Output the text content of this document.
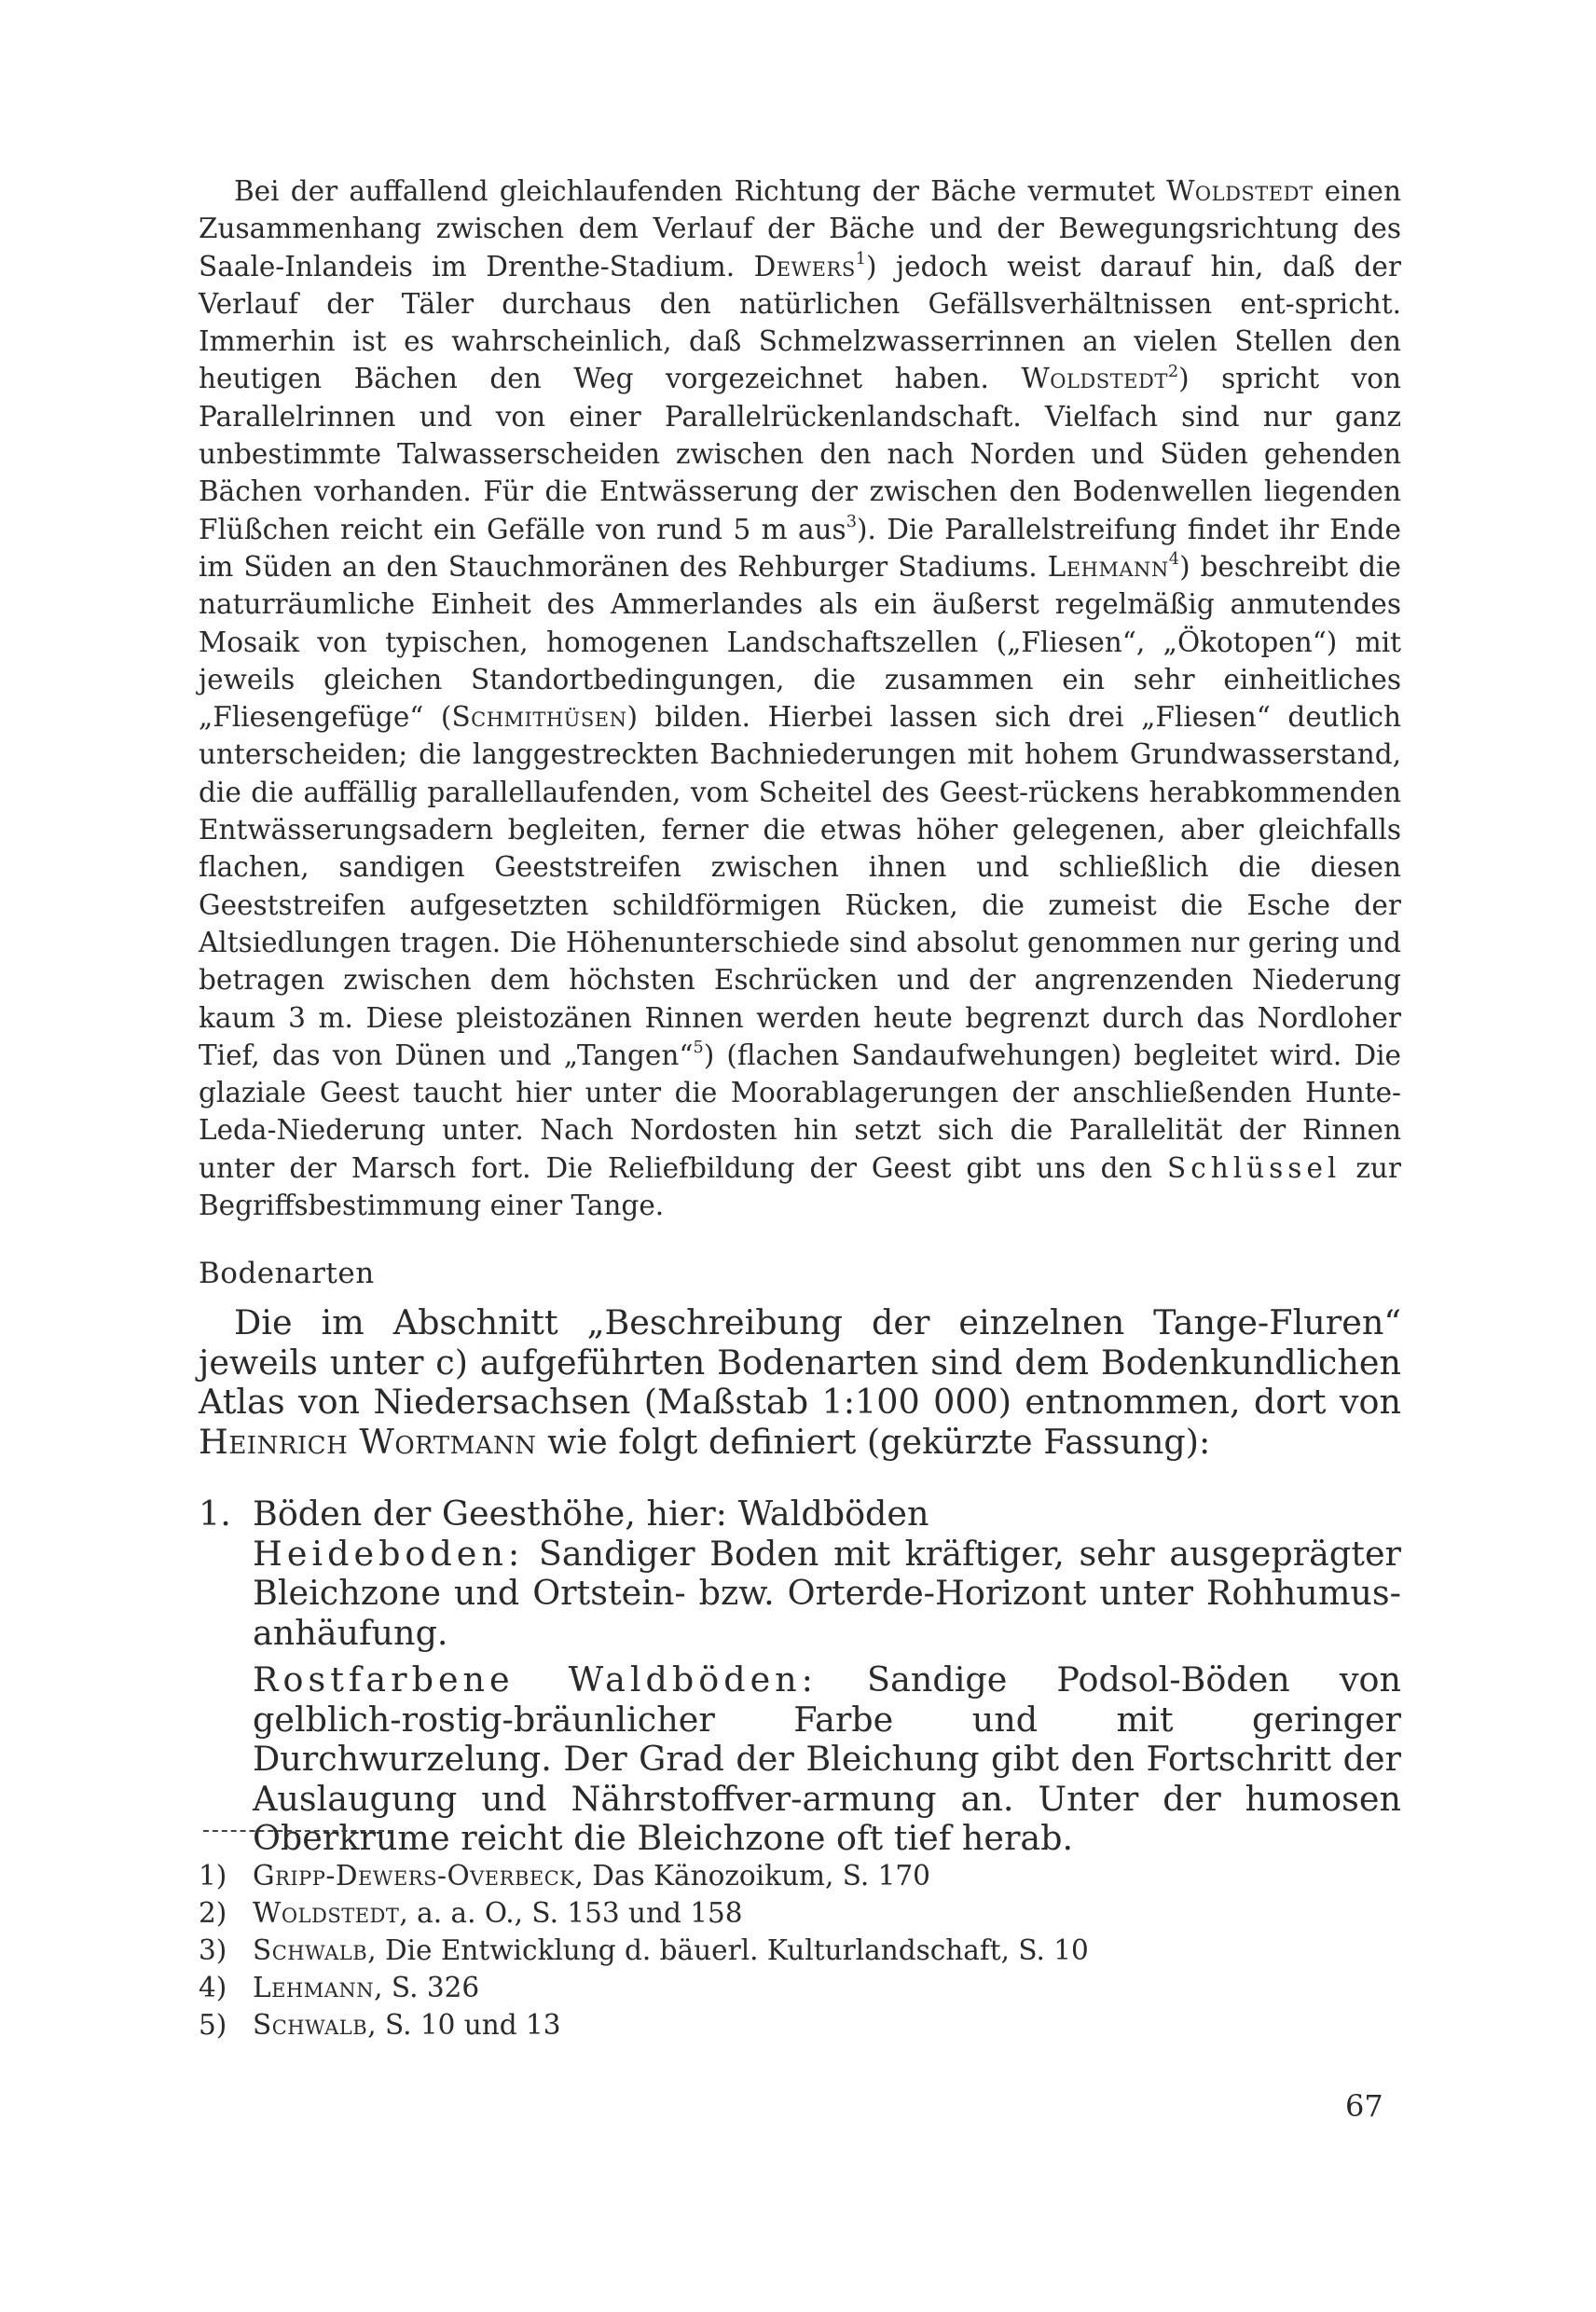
Bei der auffallend gleichlaufenden Richtung der Bäche vermutet Woldstedt einen Zusammenhang zwischen dem Verlauf der Bäche und der Bewegungsrichtung des Saale-Inlandeis im Drenthe-Stadium. Dewers$^1$) jedoch weist darauf hin, daß der Verlauf der Täler durchaus den natürlichen Gefällsverhältnissen ent-spricht. Immerhin ist es wahrscheinlich, daß Schmelzwasserrinnen an vielen Stellen den heutigen Bächen den Weg vorgezeichnet haben. Woldstedt$^2$) spricht von Parallelrinnen und von einer Parallelrückenlandschaft. Vielfach sind nur ganz unbestimmte Talwasserscheiden zwischen den nach Norden und Süden gehenden Bächen vorhanden. Für die Entwässerung der zwischen den Bodenwellen liegenden Flüßchen reicht ein Gefälle von rund 5 m aus$^3$). Die Parallelstreifung findet ihr Ende im Süden an den Stauchmoränen des Rehburger Stadiums. Lehmann$^4$) beschreibt die naturräumliche Einheit des Ammerlandes als ein äußerst regelmäßig anmutendes Mosaik von typischen, homogenen Landschaftszellen („Fliesen“, „Ökotopen“) mit jeweils gleichen Standortbedingungen, die zusammen ein sehr einheitliches „Fliesengefüge“ (Schmithüsen) bilden. Hierbei lassen sich drei „Fliesen“ deutlich unterscheiden; die langgestreckten Bachniederungen mit hohem Grundwasserstand, die die auffällig parallellaufenden, vom Scheitel des Geest-rückens herabkommenden Entwässerungsadern begleiten, ferner die etwas höher gelegenen, aber gleichfalls flachen, sandigen Geeststreifen zwischen ihnen und schließlich die diesen Geeststreifen aufgesetzten schildförmigen Rücken, die zumeist die Esche der Altsiedlungen tragen. Die Höhenunterschiede sind absolut genommen nur gering und betragen zwischen dem höchsten Eschrücken und der angrenzenden Niederung kaum 3 m. Diese pleistozänen Rinnen werden heute begrenzt durch das Nordloher Tief, das von Dünen und „Tangen“$^5$) (flachen Sandaufwehungen) begleitet wird. Die glaziale Geest taucht hier unter die Moorablagerungen der anschließenden Hunte-Leda-Niederung unter. Nach Nordosten hin setzt sich die Parallelität der Rinnen unter der Marsch fort. Die Reliefbildung der Geest gibt uns den Schlüssel zur Begriffsbestimmung einer Tange.

Bodenarten

Die im Abschnitt „Beschreibung der einzelnen Tange-Fluren“ jeweils unter c) aufgeführten Bodenarten sind dem Bodenkundlichen Atlas von Niedersachsen (Maßstab 1:100 000) entnommen, dort von Heinrich Wortmann wie folgt definiert (gekürzte Fassung):

1. Böden der Geesthöhe, hier: Waldböden

Heideboden: Sandiger Boden mit kräftiger, sehr ausgeprägter Bleichzone und Ortstein- bzw. Orterde-Horizont unter Rohhumus-anhäufung.

Rostfarbene Waldböden: Sandige Podsol-Böden von gelblich-rostig-bräunlicher Farbe und mit geringer Durchwurzelung. Der Grad der Bleichung gibt den Fortschritt der Auslaugung und Nährstoffver-armung an. Unter der humosen Oberkrume reicht die Bleichzone oft tief herab.

1) Gripp-Dewers-Overbeck, Das Känozoikum, S. 170

2) Woldstedt, a. a. O., S. 153 und 158

3) Schwalb, Die Entwicklung d. bäuerl. Kulturlandschaft, S. 10

4) Lehmann, S. 326

5) Schwalb, S. 10 und 13

67
